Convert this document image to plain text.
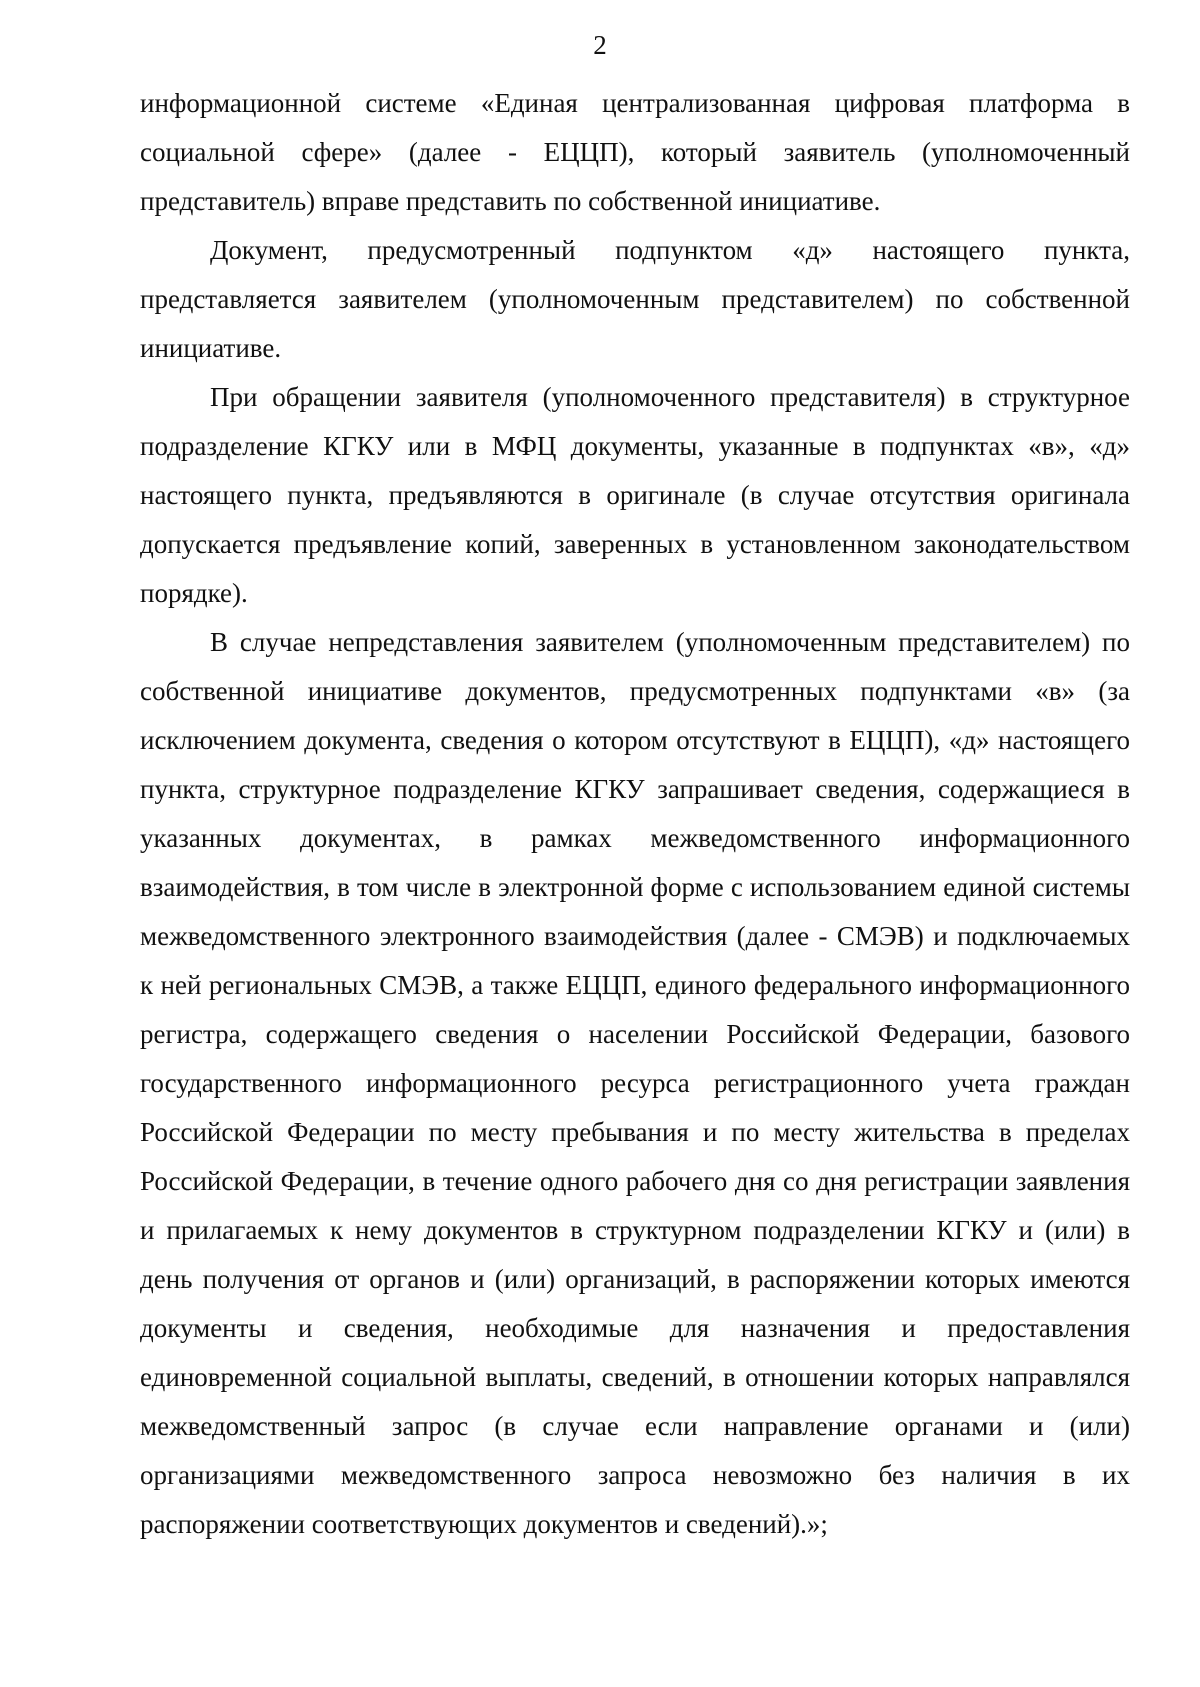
2

информационной системе «Единая централизованная цифровая платформа в социальной сфере» (далее - ЕЦЦП), который заявитель (уполномоченный представитель) вправе представить по собственной инициативе.

Документ, предусмотренный подпунктом «д» настоящего пункта, представляется заявителем (уполномоченным представителем) по собственной инициативе.

При обращении заявителя (уполномоченного представителя) в структурное подразделение КГКУ или в МФЦ документы, указанные в подпунктах «в», «д» настоящего пункта, предъявляются в оригинале (в случае отсутствия оригинала допускается предъявление копий, заверенных в установленном законодательством порядке).

В случае непредставления заявителем (уполномоченным представителем) по собственной инициативе документов, предусмотренных подпунктами «в» (за исключением документа, сведения о котором отсутствуют в ЕЦЦП), «д» настоящего пункта, структурное подразделение КГКУ запрашивает сведения, содержащиеся в указанных документах, в рамках межведомственного информационного взаимодействия, в том числе в электронной форме с использованием единой системы межведомственного электронного взаимодействия (далее - СМЭВ) и подключаемых к ней региональных СМЭВ, а также ЕЦЦП, единого федерального информационного регистра, содержащего сведения о населении Российской Федерации, базового государственного информационного ресурса регистрационного учета граждан Российской Федерации по месту пребывания и по месту жительства в пределах Российской Федерации, в течение одного рабочего дня со дня регистрации заявления и прилагаемых к нему документов в структурном подразделении КГКУ и (или) в день получения от органов и (или) организаций, в распоряжении которых имеются документы и сведения, необходимые для назначения и предоставления единовременной социальной выплаты, сведений, в отношении которых направлялся межведомственный запрос (в случае если направление органами и (или) организациями межведомственного запроса невозможно без наличия в их распоряжении соответствующих документов и сведений).»;
